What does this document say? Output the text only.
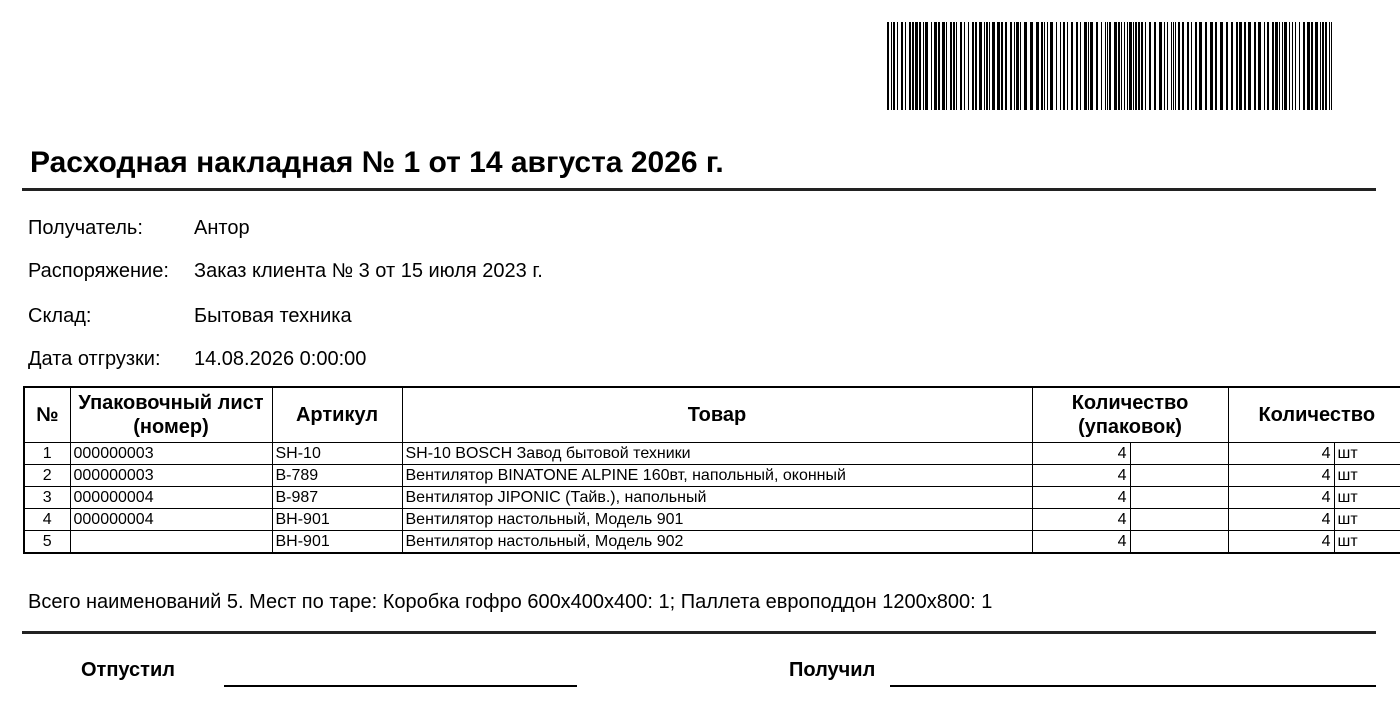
Расходная накладная № 1 от 14 августа 2026 г.
Получатель:	Антор
Распоряжение: Заказ клиента № 3 от 15 июля 2023 г.
Склад:	Бытовая техника
Дата отгрузки: 14.08.2026 0:00:00
№	Упаковочный лист (номер)	Артикул	Товар	Количество (упаковок)		Количество	
1	000000003	SH-10	SH-10 BOSCH Завод бытовой техники	4		4	шт
2	000000003	B-789	Вентилятор BINATONE ALPINE 160вт, напольный, оконный	4		4	шт
3	000000004	B-987	Вентилятор JIPONIC (Тайв.), напольный	4		4	шт
4	000000004	BH-901	Вентилятор настольный, Модель 901	4		4	шт
5		BH-901	Вентилятор настольный, Модель 902	4		4	шт
Всего наименований 5. Мест по таре: Коробка гофро 600x400x400: 1; Паллета европоддон 1200x800: 1
Отпустил	Получил
